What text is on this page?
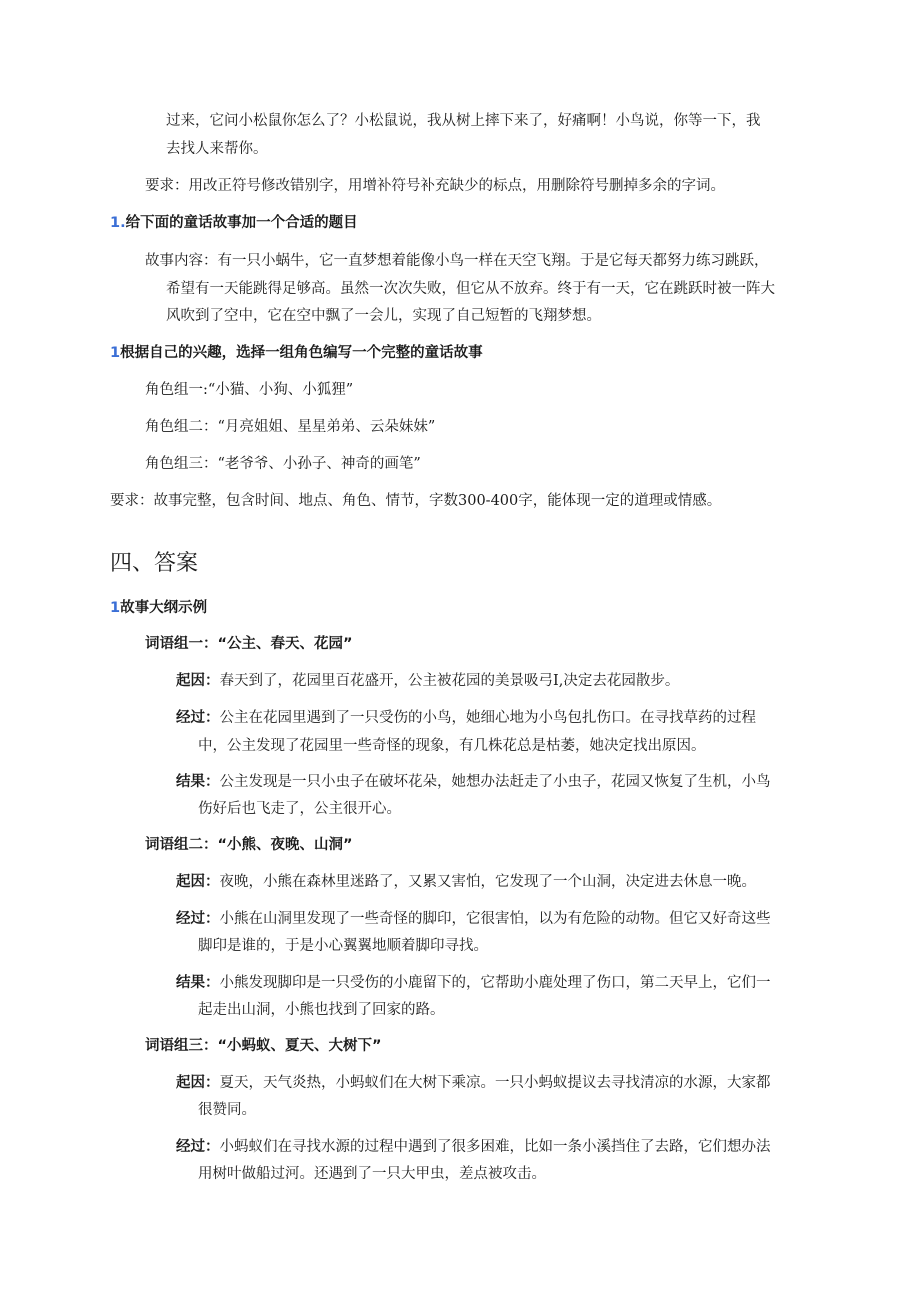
过来，它问小松鼠你怎么了？小松鼠说，我从树上摔下来了，好痛啊！小鸟说，你等一下，我
去找人来帮你。
要求：用改正符号修改错别字，用增补符号补充缺少的标点，用删除符号删掉多余的字词。
1.给下面的童话故事加一个合适的题目
故事内容：有一只小蜗牛，它一直梦想着能像小鸟一样在天空飞翔。于是它每天都努力练习跳跃，
希望有一天能跳得足够高。虽然一次次失败，但它从不放弃。终于有一天，它在跳跃时被一阵大
风吹到了空中，它在空中飘了一会儿，实现了自己短暂的飞翔梦想。
1根据自己的兴趣，选择一组角色编写一个完整的童话故事
角色组一:“小猫、小狗、小狐狸”
角色组二：“月亮姐姐、星星弟弟、云朵妹妹”
角色组三：“老爷爷、小孙子、神奇的画笔”
要求：故事完整，包含时间、地点、角色、情节，字数300-400字，能体现一定的道理或情感。
四、答案
1故事大纲示例
词语组一：“公主、春天、花园”
起因：春天到了，花园里百花盛开，公主被花园的美景吸弓I,决定去花园散步。
经过：公主在花园里遇到了一只受伤的小鸟，她细心地为小鸟包扎伤口。在寻找草药的过程
中，公主发现了花园里一些奇怪的现象，有几株花总是枯萎，她决定找出原因。
结果：公主发现是一只小虫子在破坏花朵，她想办法赶走了小虫子，花园又恢复了生机，小鸟
伤好后也飞走了，公主很开心。
词语组二：“小熊、夜晚、山洞”
起因：夜晚，小熊在森林里迷路了，又累又害怕，它发现了一个山洞，决定进去休息一晚。
经过：小熊在山洞里发现了一些奇怪的脚印，它很害怕，以为有危险的动物。但它又好奇这些
脚印是谁的，于是小心翼翼地顺着脚印寻找。
结果：小熊发现脚印是一只受伤的小鹿留下的，它帮助小鹿处理了伤口，第二天早上，它们一
起走出山洞，小熊也找到了回家的路。
词语组三：“小蚂蚁、夏天、大树下”
起因：夏天，天气炎热，小蚂蚁们在大树下乘凉。一只小蚂蚁提议去寻找清凉的水源，大家都
很赞同。
经过：小蚂蚁们在寻找水源的过程中遇到了很多困难，比如一条小溪挡住了去路，它们想办法
用树叶做船过河。还遇到了一只大甲虫，差点被攻击。
